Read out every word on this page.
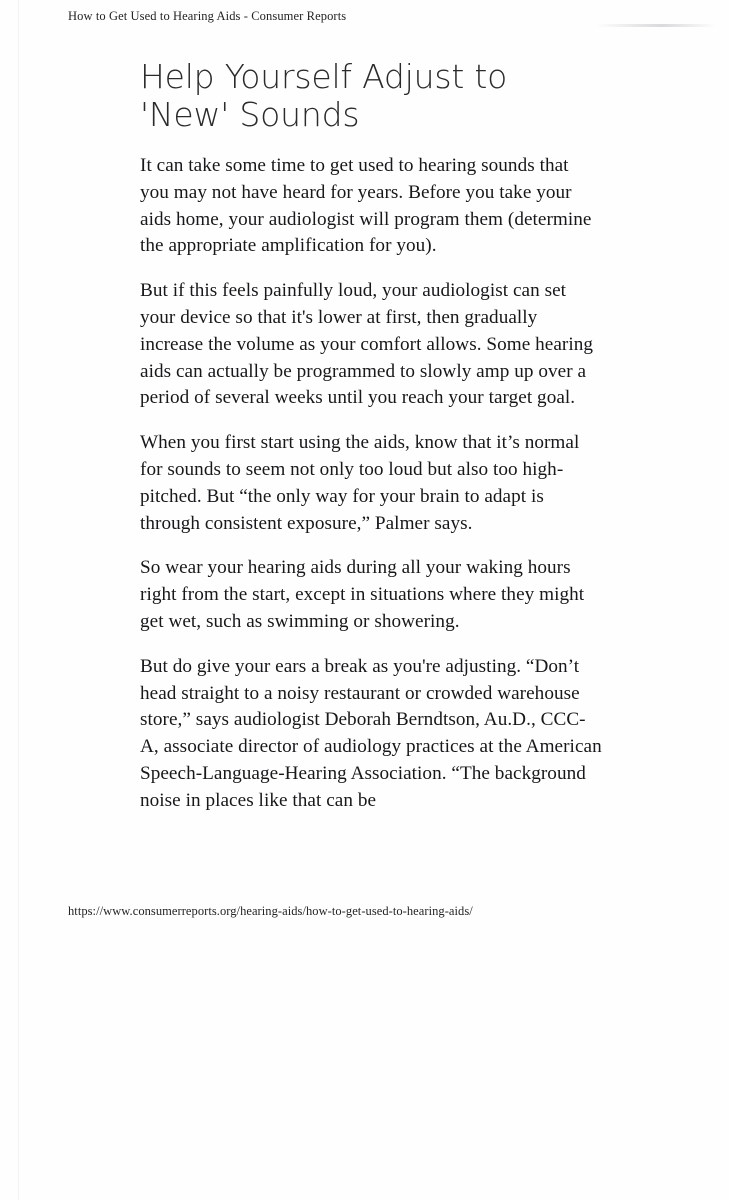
How to Get Used to Hearing Aids - Consumer Reports
Help Yourself Adjust to 'New' Sounds

It can take some time to get used to hearing sounds that you may not have heard for years. Before you take your aids home, your audiologist will program them (determine the appropriate amplification for you).

But if this feels painfully loud, your audiologist can set your device so that it's lower at first, then gradually increase the volume as your comfort allows. Some hearing aids can actually be programmed to slowly amp up over a period of several weeks until you reach your target goal.

When you first start using the aids, know that it’s normal for sounds to seem not only too loud but also too high-pitched. But “the only way for your brain to adapt is through consistent exposure,” Palmer says.

So wear your hearing aids during all your waking hours right from the start, except in situations where they might get wet, such as swimming or showering.

But do give your ears a break as you're adjusting. “Don’t head straight to a noisy restaurant or crowded warehouse store,” says audiologist Deborah Berndtson, Au.D., CCC-A, associate director of audiology practices at the American Speech-Language-Hearing Association. “The background noise in places like that can be

https://www.consumerreports.org/hearing-aids/how-to-get-used-to-hearing-aids/
